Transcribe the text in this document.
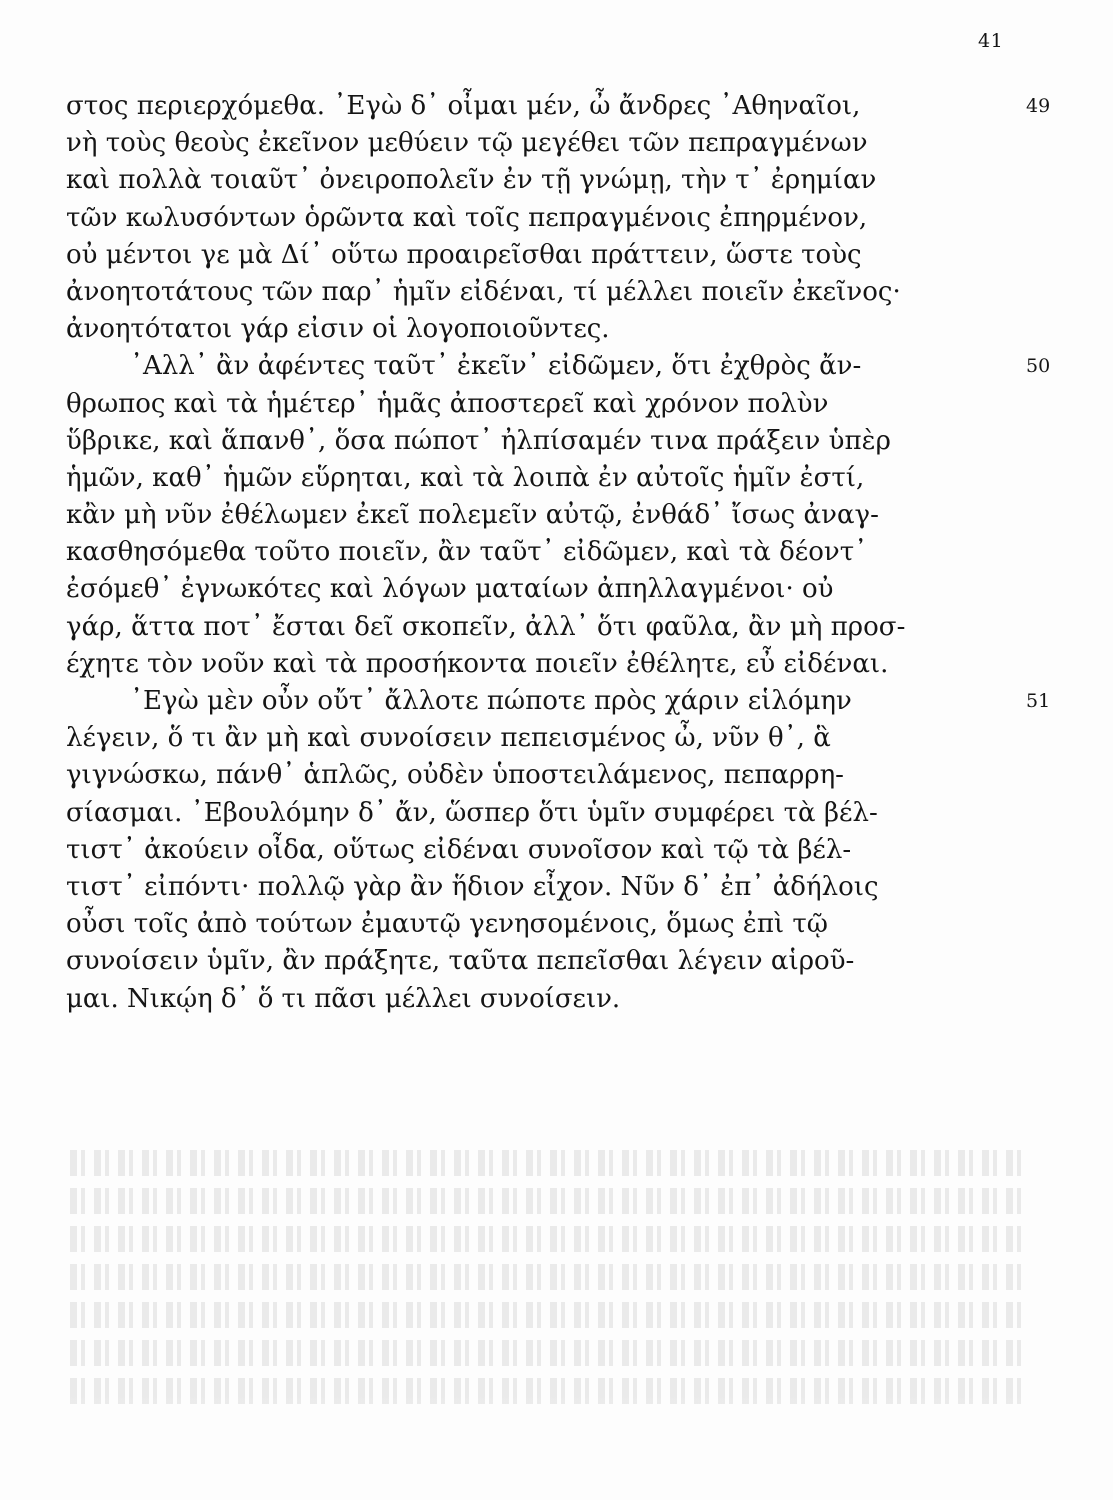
41
στος περιερχόμεθα. ᾿Εγὼ δ᾽ οἶμαι μέν, ὦ ἄνδρες ᾿Αθηναῖοι,
νὴ τοὺς θεοὺς ἐκεῖνον μεθύειν τῷ μεγέθει τῶν πεπραγμένων
καὶ πολλὰ τοιαῦτ᾽ ὀνειροπολεῖν ἐν τῇ γνώμῃ, τὴν τ᾽ ἐρημίαν
τῶν κωλυσόντων ὁρῶντα καὶ τοῖς πεπραγμένοις ἐπηρμένον,
οὐ μέντοι γε μὰ Δί᾽ οὕτω προαιρεῖσθαι πράττειν, ὥστε τοὺς
ἀνοητοτάτους τῶν παρ᾽ ἡμῖν εἰδέναι, τί μέλλει ποιεῖν ἐκεῖνος·
ἀνοητότατοι γάρ εἰσιν οἱ λογοποιοῦντες.
᾿Αλλ᾽ ἂν ἀφέντες ταῦτ᾽ ἐκεῖν᾽ εἰδῶμεν, ὅτι ἐχθρὸς ἄν-
θρωπος καὶ τὰ ἡμέτερ᾽ ἡμᾶς ἀποστερεῖ καὶ χρόνον πολὺν
ὕβρικε, καὶ ἅπανθ᾽, ὅσα πώποτ᾽ ἠλπίσαμέν τινα πράξειν ὑπὲρ
ἡμῶν, καθ᾽ ἡμῶν εὕρηται, καὶ τὰ λοιπὰ ἐν αὐτοῖς ἡμῖν ἐστί,
κἂν μὴ νῦν ἐθέλωμεν ἐκεῖ πολεμεῖν αὐτῷ, ἐνθάδ᾽ ἴσως ἀναγ-
κασθησόμεθα τοῦτο ποιεῖν, ἂν ταῦτ᾽ εἰδῶμεν, καὶ τὰ δέοντ᾽
ἐσόμεθ᾽ ἐγνωκότες καὶ λόγων ματαίων ἀπηλλαγμένοι· οὐ
γάρ, ἅττα ποτ᾽ ἔσται δεῖ σκοπεῖν, ἀλλ᾽ ὅτι φαῦλα, ἂν μὴ προσ-
έχητε τὸν νοῦν καὶ τὰ προσήκοντα ποιεῖν ἐθέλητε, εὖ εἰδέναι.
᾿Εγὼ μὲν οὖν οὔτ᾽ ἄλλοτε πώποτε πρὸς χάριν εἱλόμην
λέγειν, ὅ τι ἂν μὴ καὶ συνοίσειν πεπεισμένος ὦ, νῦν θ᾽, ἃ
γιγνώσκω, πάνθ᾽ ἁπλῶς, οὐδὲν ὑποστειλάμενος, πεπαρρη-
σίασμαι. ᾿Εβουλόμην δ᾽ ἄν, ὥσπερ ὅτι ὑμῖν συμφέρει τὰ βέλ-
τιστ᾽ ἀκούειν οἶδα, οὕτως εἰδέναι συνοῖσον καὶ τῷ τὰ βέλ-
τιστ᾽ εἰπόντι· πολλῷ γὰρ ἂν ἥδιον εἶχον. Νῦν δ᾽ ἐπ᾽ ἀδήλοις
οὖσι τοῖς ἀπὸ τούτων ἐμαυτῷ γενησομένοις, ὅμως ἐπὶ τῷ
συνοίσειν ὑμῖν, ἂν πράξητε, ταῦτα πεπεῖσθαι λέγειν αἱροῦ-
μαι. Νικῴη δ᾽ ὅ τι πᾶσι μέλλει συνοίσειν.
49
50
51
